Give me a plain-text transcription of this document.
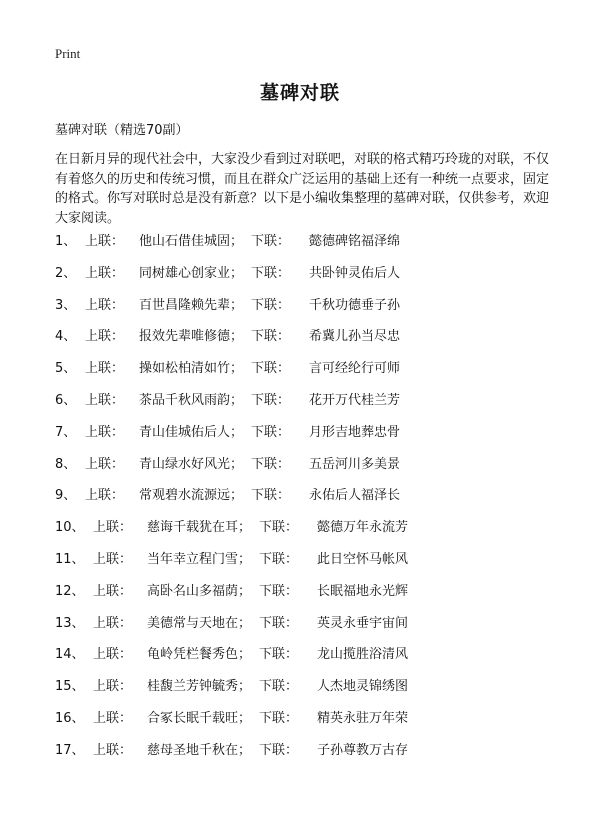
Print
墓碑对联
墓碑对联（精选70副）

在日新月异的现代社会中，大家没少看到过对联吧，对联的格式精巧玲珑的对联，不仅有着悠久的历史和传统习惯，而且在群众广泛运用的基础上还有一种统一点要求，固定的格式。你写对联时总是没有新意？以下是小编收集整理的墓碑对联，仅供参考，欢迎大家阅读。

1、 上联： 他山石借佳城固； 下联： 懿德碑铭福泽绵
2、 上联： 同树雄心创家业； 下联： 共卧钟灵佑后人
3、 上联： 百世昌隆赖先辈； 下联： 千秋功德垂子孙
4、 上联： 报效先辈唯修德； 下联： 希冀儿孙当尽忠
5、 上联： 操如松柏清如竹； 下联： 言可经纶行可师
6、 上联： 茶品千秋风雨韵； 下联： 花开万代桂兰芳
7、 上联： 青山佳城佑后人； 下联： 月形吉地葬忠骨
8、 上联： 青山绿水好风光； 下联： 五岳河川多美景
9、 上联： 常观碧水流源远； 下联： 永佑后人福泽长
10、 上联： 慈诲千载犹在耳； 下联： 懿德万年永流芳
11、 上联： 当年幸立程门雪； 下联： 此日空怀马帐风
12、 上联： 高卧名山多福荫； 下联： 长眠福地永光辉
13、 上联： 美德常与天地在； 下联： 英灵永垂宇宙间
14、 上联： 龟岭凭栏餐秀色； 下联： 龙山揽胜浴清风
15、 上联： 桂馥兰芳钟毓秀； 下联： 人杰地灵锦绣图
16、 上联： 合冢长眠千载旺； 下联： 精英永驻万年荣
17、 上联： 慈母圣地千秋在； 下联： 子孙尊教万古存
